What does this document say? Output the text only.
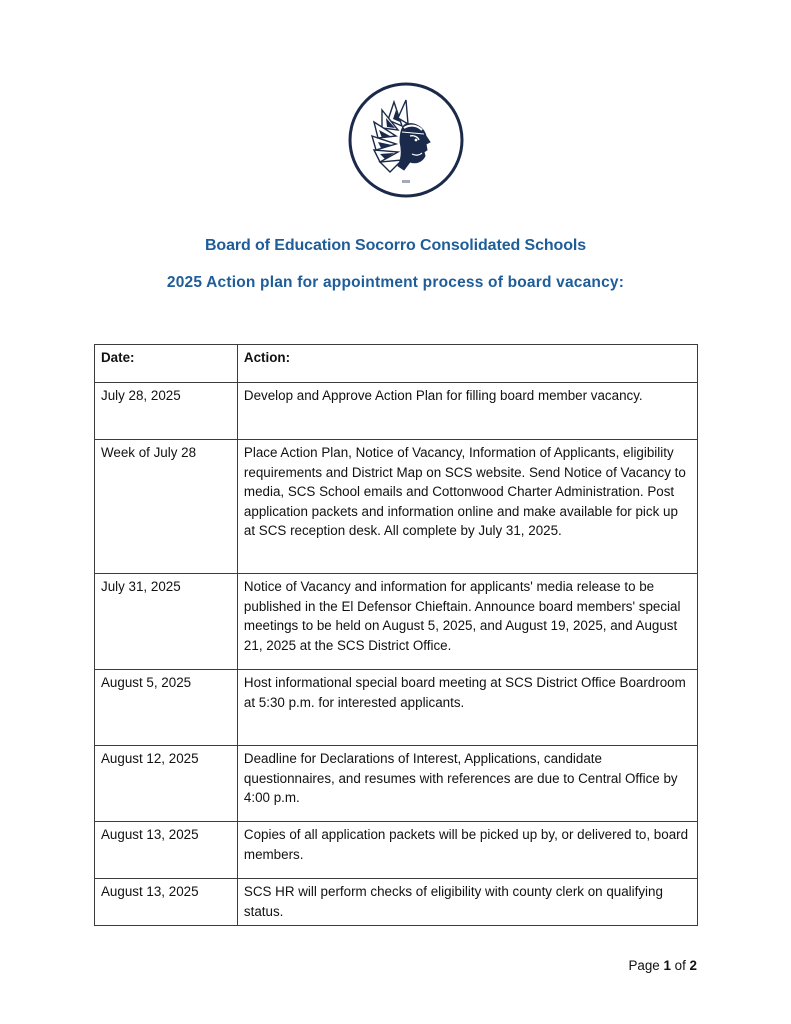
Board of Education Socorro Consolidated Schools
2025 Action plan for appointment process of board vacancy:
Date:	Action:
July 28, 2025	Develop and Approve Action Plan for filling board member vacancy.
Week of July 28	Place Action Plan, Notice of Vacancy, Information of Applicants, eligibility requirements and District Map on SCS website. Send Notice of Vacancy to media, SCS School emails and Cottonwood Charter Administration. Post application packets and information online and make available for pick up at SCS reception desk. All complete by July 31, 2025.
July 31, 2025	Notice of Vacancy and information for applicants' media release to be published in the El Defensor Chieftain. Announce board members' special meetings to be held on August 5, 2025, and August 19, 2025, and August 21, 2025 at the SCS District Office.
August 5, 2025	Host informational special board meeting at SCS District Office Boardroom at 5:30 p.m. for interested applicants.
August 12, 2025	Deadline for Declarations of Interest, Applications, candidate questionnaires, and resumes with references are due to Central Office by 4:00 p.m.
August 13, 2025	Copies of all application packets will be picked up by, or delivered to, board members.
August 13, 2025	SCS HR will perform checks of eligibility with county clerk on qualifying status.
Page 1 of 2
